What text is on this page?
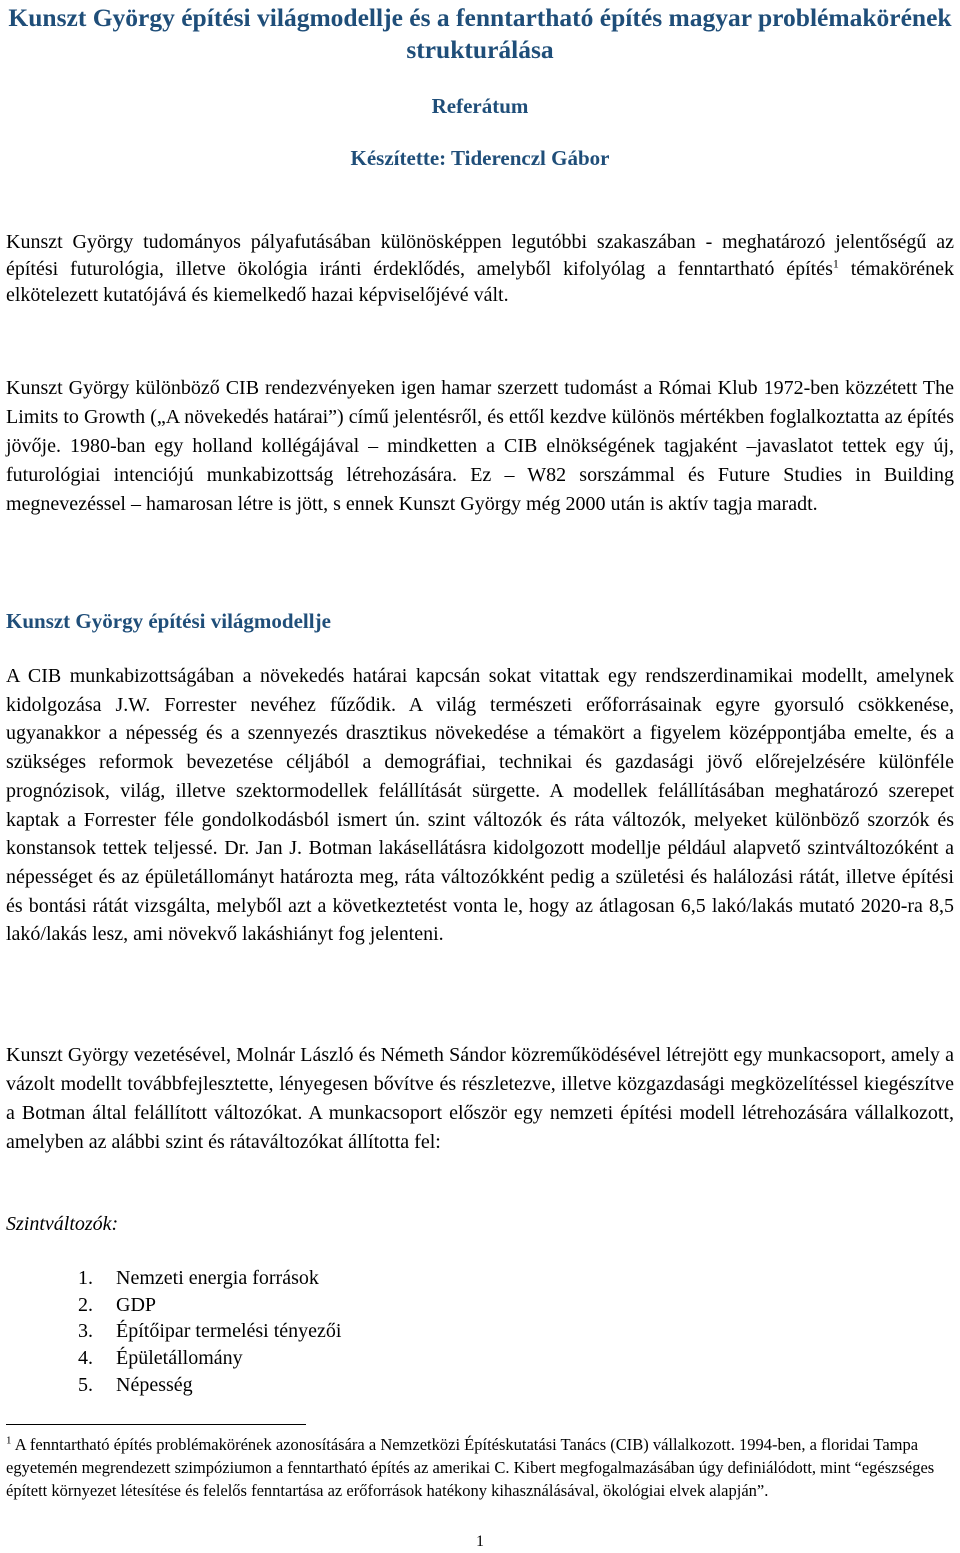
Kunszt György építési világmodellje és a fenntartható építés magyar problémakörének strukturálása

Referátum

Készítette: Tiderenczl Gábor

Kunszt György tudományos pályafutásában különösképpen legutóbbi szakaszában - meghatározó jelentőségű az építési futurológia, illetve ökológia iránti érdeklődés, amelyből kifolyólag a fenntartható építés$^1$ témakörének elkötelezett kutatójává és kiemelkedő hazai képviselőjévé vált.

Kunszt György különböző CIB rendezvényeken igen hamar szerzett tudomást a Római Klub 1972-ben közzétett The Limits to Growth („A növekedés határai”) című jelentésről, és ettől kezdve különös mértékben foglalkoztatta az építés jövője. 1980-ban egy holland kollégájával – mindketten a CIB elnökségének tagjaként –javaslatot tettek egy új, futurológiai intenciójú munkabizottság létrehozására. Ez – W82 sorszámmal és Future Studies in Building megnevezéssel – hamarosan létre is jött, s ennek Kunszt György még 2000 után is aktív tagja maradt.

Kunszt György építési világmodellje

A CIB munkabizottságában a növekedés határai kapcsán sokat vitattak egy rendszerdinamikai modellt, amelynek kidolgozása J.W. Forrester nevéhez fűződik. A világ természeti erőforrásainak egyre gyorsuló csökkenése, ugyanakkor a népesség és a szennyezés drasztikus növekedése a témakört a figyelem középpontjába emelte, és a szükséges reformok bevezetése céljából a demográfiai, technikai és gazdasági jövő előrejelzésére különféle prognózisok, világ, illetve szektormodellek felállítását sürgette. A modellek felállításában meghatározó szerepet kaptak a Forrester féle gondolkodásból ismert ún. szint változók és ráta változók, melyeket különböző szorzók és konstansok tettek teljessé. Dr. Jan J. Botman lakásellátásra kidolgozott modellje például alapvető szintváltozóként a népességet és az épületállományt határozta meg, ráta változókként pedig a születési és halálozási rátát, illetve építési és bontási rátát vizsgálta, melyből azt a következtetést vonta le, hogy az átlagosan 6,5 lakó/lakás mutató 2020-ra 8,5 lakó/lakás lesz, ami növekvő lakáshiányt fog jelenteni.

Kunszt György vezetésével, Molnár László és Németh Sándor közreműködésével létrejött egy munkacsoport, amely a vázolt modellt továbbfejlesztette, lényegesen bővítve és részletezve, illetve közgazdasági megközelítéssel kiegészítve a Botman által felállított változókat. A munkacsoport először egy nemzeti építési modell létrehozására vállalkozott, amelyben az alábbi szint és rátaváltozókat állította fel:

Szintváltozók:

1.	Nemzeti energia források
2.	GDP
3.	Építőipar termelési tényezői
4.	Épületállomány
5.	Népesség

$^1$ A fenntartható építés problémakörének azonosítására a Nemzetközi Építéskutatási Tanács (CIB) vállalkozott. 1994-ben, a floridai Tampa egyetemén megrendezett szimpóziumon a fenntartható építés az amerikai C. Kibert megfogalmazásában úgy definiálódott, mint “egészséges épített környezet létesítése és felelős fenntartása az erőforrások hatékony kihasználásával, ökológiai elvek alapján”.

1
